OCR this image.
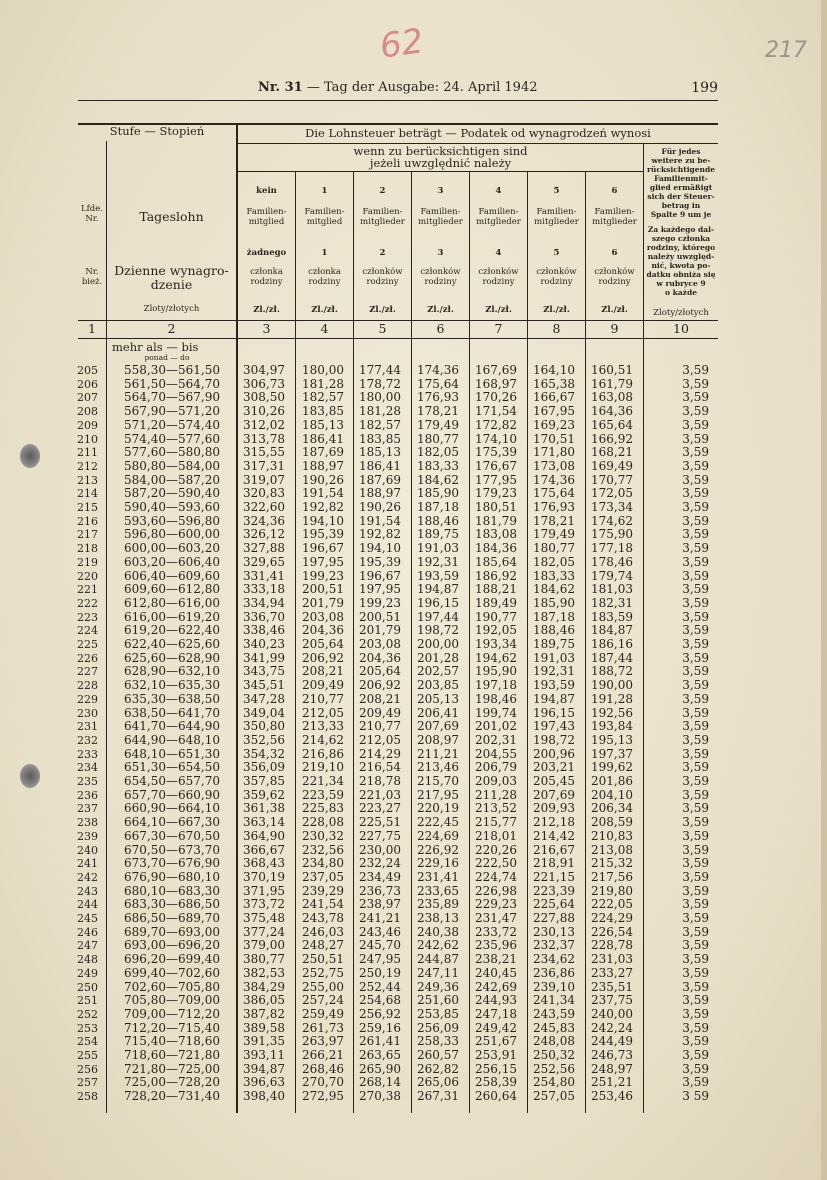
217
62
Nr. 31 — Tag der Ausgabe: 24. April 1942	199
Stufe — Stopień	Die Lohnsteuer beträgt — Podatek od wynagrodzeń wynosi
wenn zu berücksichtigen sind
jeżeli uwzględnić należy
Lfde.
Nr.
Nr.
bież.
Tageslohn
Dzienne wynagro-
dzenie
Zloty/złotych
kein
Familien-
mitglied
żadnego
członka
rodziny
Zl./zł.
1
Familien-
mitglied
1
członka
rodziny
Zl./zł.
2
Familien-
mitglieder
2
członków
rodziny
Zl./zł.
3
Familien-
mitglieder
3
członków
rodziny
Zl./zł.
4
Familien-
mitglieder
4
członków
rodziny
Zl./zł.
5
Familien-
mitglieder
5
członków
rodziny
Zl./zł.
6
Familien-
mitglieder
6
członków
rodziny
Zl./zł.
Für jedes
weitere zu be-
rücksichtigende
Familienmit-
glied ermäßigt
sich der Steuer-
betrag in
Spalte 9 um je
Za każdego dal-
szego członka
rodziny, którego
należy uwzględ-
nić, kwota po-
datku obniża się
w rubryce 9
o każde
Zloty/złotych
1	2	3	4	5	6	7	8	9	10
mehr als — bis
ponad — do
205 558,30—561,50	304,97	180,00	177,44	174,36	167,69	164,10	160,51	3,59
206 561,50—564,70	306,73	181,28	178,72	175,64	168,97	165,38	161,79	3,59
207 564,70—567,90	308,50	182,57	180,00	176,93	170,26	166,67	163,08	3,59
208 567,90—571,20	310,26	183,85	181,28	178,21	171,54	167,95	164,36	3,59
209 571,20—574,40	312,02	185,13	182,57	179,49	172,82	169,23	165,64	3,59
210 574,40—577,60	313,78	186,41	183,85	180,77	174,10	170,51	166,92	3,59
211 577,60—580,80	315,55	187,69	185,13	182,05	175,39	171,80	168,21	3,59
212 580,80—584,00	317,31	188,97	186,41	183,33	176,67	173,08	169,49	3,59
213 584,00—587,20	319,07	190,26	187,69	184,62	177,95	174,36	170,77	3,59
214 587,20—590,40	320,83	191,54	188,97	185,90	179,23	175,64	172,05	3,59
215 590,40—593,60	322,60	192,82	190,26	187,18	180,51	176,93	173,34	3,59
216 593,60—596,80	324,36	194,10	191,54	188,46	181,79	178,21	174,62	3,59
217 596,80—600,00	326,12	195,39	192,82	189,75	183,08	179,49	175,90	3,59
218 600,00—603,20	327,88	196,67	194,10	191,03	184,36	180,77	177,18	3,59
219 603,20—606,40	329,65	197,95	195,39	192,31	185,64	182,05	178,46	3,59
220 606,40—609,60	331,41	199,23	196,67	193,59	186,92	183,33	179,74	3,59
221 609,60—612,80	333,18	200,51	197,95	194,87	188,21	184,62	181,03	3,59
222 612,80—616,00	334,94	201,79	199,23	196,15	189,49	185,90	182,31	3,59
223 616,00—619,20	336,70	203,08	200,51	197,44	190,77	187,18	183,59	3,59
224 619,20—622,40	338,46	204,36	201,79	198,72	192,05	188,46	184,87	3,59
225 622,40—625,60	340,23	205,64	203,08	200,00	193,34	189,75	186,16	3,59
226 625,60—628,90	341,99	206,92	204,36	201,28	194,62	191,03	187,44	3,59
227 628,90—632,10	343,75	208,21	205,64	202,57	195,90	192,31	188,72	3,59
228 632,10—635,30	345,51	209,49	206,92	203,85	197,18	193,59	190,00	3,59
229 635,30—638,50	347,28	210,77	208,21	205,13	198,46	194,87	191,28	3,59
230 638,50—641,70	349,04	212,05	209,49	206,41	199,74	196,15	192,56	3,59
231 641,70—644,90	350,80	213,33	210,77	207,69	201,02	197,43	193,84	3,59
232 644,90—648,10	352,56	214,62	212,05	208,97	202,31	198,72	195,13	3,59
233 648,10—651,30	354,32	216,86	214,29	211,21	204,55	200,96	197,37	3,59
234 651,30—654,50	356,09	219,10	216,54	213,46	206,79	203,21	199,62	3,59
235 654,50—657,70	357,85	221,34	218,78	215,70	209,03	205,45	201,86	3,59
236 657,70—660,90	359,62	223,59	221,03	217,95	211,28	207,69	204,10	3,59
237 660,90—664,10	361,38	225,83	223,27	220,19	213,52	209,93	206,34	3,59
238 664,10—667,30	363,14	228,08	225,51	222,45	215,77	212,18	208,59	3,59
239 667,30—670,50	364,90	230,32	227,75	224,69	218,01	214,42	210,83	3,59
240 670,50—673,70	366,67	232,56	230,00	226,92	220,26	216,67	213,08	3,59
241 673,70—676,90	368,43	234,80	232,24	229,16	222,50	218,91	215,32	3,59
242 676,90—680,10	370,19	237,05	234,49	231,41	224,74	221,15	217,56	3,59
243 680,10—683,30	371,95	239,29	236,73	233,65	226,98	223,39	219,80	3,59
244 683,30—686,50	373,72	241,54	238,97	235,89	229,23	225,64	222,05	3,59
245 686,50—689,70	375,48	243,78	241,21	238,13	231,47	227,88	224,29	3,59
246 689,70—693,00	377,24	246,03	243,46	240,38	233,72	230,13	226,54	3,59
247 693,00—696,20	379,00	248,27	245,70	242,62	235,96	232,37	228,78	3,59
248 696,20—699,40	380,77	250,51	247,95	244,87	238,21	234,62	231,03	3,59
249 699,40—702,60	382,53	252,75	250,19	247,11	240,45	236,86	233,27	3,59
250 702,60—705,80	384,29	255,00	252,44	249,36	242,69	239,10	235,51	3,59
251 705,80—709,00	386,05	257,24	254,68	251,60	244,93	241,34	237,75	3,59
252 709,00—712,20	387,82	259,49	256,92	253,85	247,18	243,59	240,00	3,59
253 712,20—715,40	389,58	261,73	259,16	256,09	249,42	245,83	242,24	3,59
254 715,40—718,60	391,35	263,97	261,41	258,33	251,67	248,08	244,49	3,59
255 718,60—721,80	393,11	266,21	263,65	260,57	253,91	250,32	246,73	3,59
256 721,80—725,00	394,87	268,46	265,90	262,82	256,15	252,56	248,97	3,59
257 725,00—728,20	396,63	270,70	268,14	265,06	258,39	254,80	251,21	3,59
258 728,20—731,40	398,40	272,95	270,38	267,31	260,64	257,05	253,46	3 59
